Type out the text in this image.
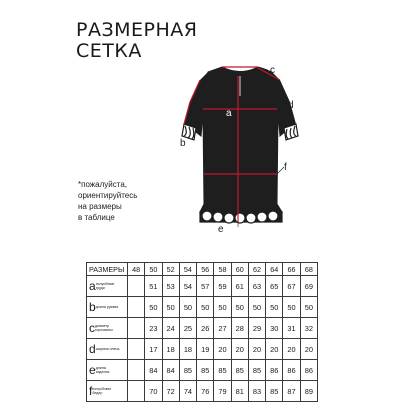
РАЗМЕРНАЯ
СЕТКА
c
d
a
b
f
e
*пожалуйста,
ориентируйтесь
на размеры
в таблице
РАЗМЕРЫ	48	50	52	54	56	58	60	62	64	66	68
aполуобхват груди		51	53	54	57	59	61	63	65	67	69
bдлина рукава		50	50	50	50	50	50	50	50	50	50
cдиаметр горловины		23	24	25	26	27	28	29	30	31	32
dширина плеча		17	18	18	19	20	20	20	20	20	20
eдлина изделия		84	84	85	85	85	85	85	86	86	86
fполуобхват бедер		70	72	74	76	79	81	83	85	87	89
